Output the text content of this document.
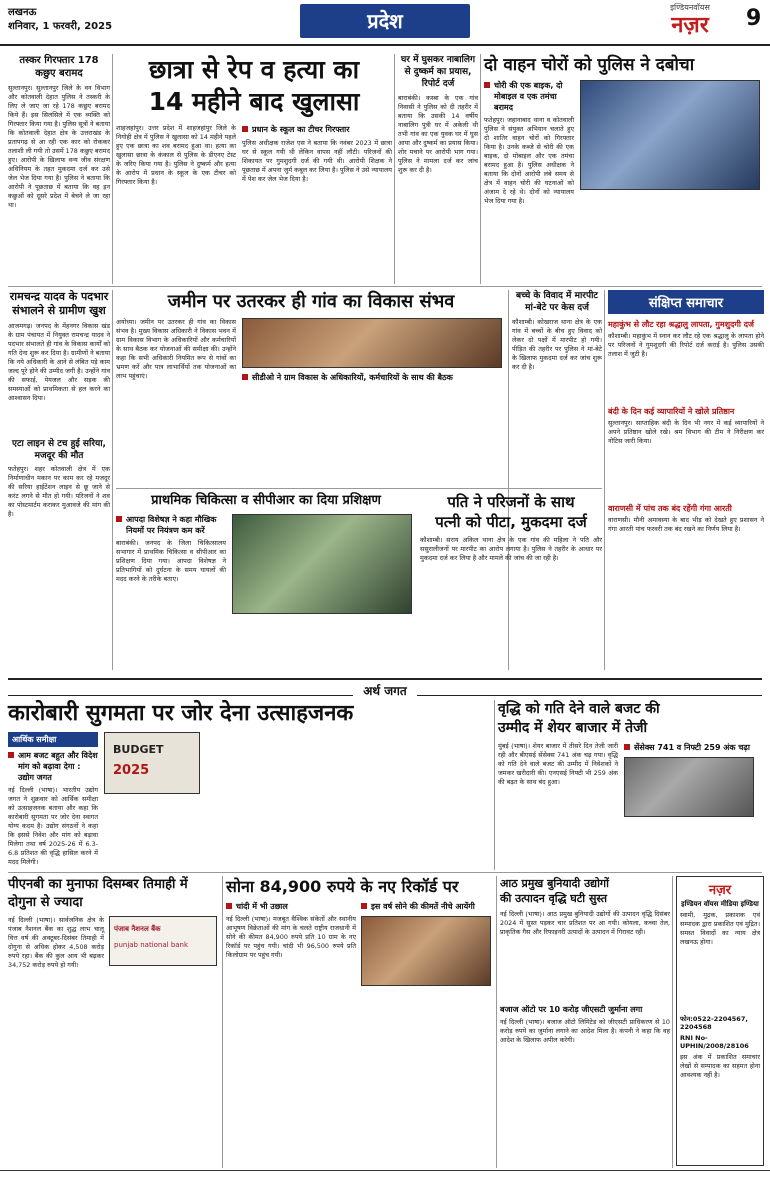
लखनऊ
शनिवार, 1 फरवरी, 2025	प्रदेश
इण्डियनवॉयस
नज़र	9
तस्कर गिरफ्तार 178 कछुए बरामद
सुल्तानपुर। सुल्तानपुर जिले के वन विभाग और कोतवाली देहात पुलिस ने तस्करी के लिए ले जाए जा रहे 178 कछुए बरामद किये हैं। इस सिलसिले में एक व्यक्ति को गिरफ्तार किया गया है। पुलिस सूत्रों ने बताया कि कोतवाली देहात क्षेत्र के उत्तराखंड के प्रतापगढ़ से आ रही एक कार को रोककर तलाशी ली गयी तो उसमें 178 कछुए बरामद हुए। आरोपी के खिलाफ वन्य जीव संरक्षण अधिनियम के तहत मुकदमा दर्ज कर उसे जेल भेज दिया गया है। पुलिस ने बताया कि आरोपी ने पूछताछ में बताया कि वह इन कछुओं को दूसरे प्रदेश में बेचने ले जा रहा था।
छात्रा से रेप व हत्या का
14 महीने बाद खुलासा
शाहजहांपुर। उत्तर प्रदेश में शाहजहांपुर जिले के निगोही क्षेत्र में पुलिस ने खुलासा को 14 महीने पहले हुए एक छात्रा का शव बरामद हुआ था। हत्या का खुलासा छात्रा के कंकाल से पुलिस के डीएनए टेस्ट के जरिए किया गया है। पुलिस ने दुष्कर्म और हत्या के आरोप में प्रधान के स्कूल के एक टीचर को गिरफ्तार किया है।
प्रधान के स्कूल का टीचर गिरफ्तार
पुलिस अधीक्षक राजेश एस ने बताया कि नवंबर 2023 में छात्रा घर से स्कूल गयी थी लेकिन वापस नहीं लौटी। परिजनों की शिकायत पर गुमशुदगी दर्ज की गयी थी। आरोपी शिक्षक ने पूछताछ में अपना जुर्म कबूल कर लिया है। पुलिस ने उसे न्यायालय में पेश कर जेल भेज दिया है।
घर में घुसकर नाबालिग से दुष्कर्म का प्रयास, रिपोर्ट दर्ज
बाराबंकी। कस्बा के एक गांव निवासी ने पुलिस को दी तहरीर में बताया कि उसकी 14 वर्षीय नाबालिग पुत्री घर में अकेली थी तभी गांव का एक युवक घर में घुस आया और दुष्कर्म का प्रयास किया। शोर मचाने पर आरोपी भाग गया। पुलिस ने मामला दर्ज कर जांच शुरू कर दी है।
दो वाहन चोरों को पुलिस ने दबोचा
चोरी की एक बाइक, दो मोबाइल व एक तमंचा बरामद
फतेहपुर। जहानाबाद थाना व कोतवाली पुलिस ने संयुक्त अभियान चलाते हुए दो शातिर वाहन चोरों को गिरफ्तार किया है। उनके कब्जे से चोरी की एक बाइक, दो मोबाइल और एक तमंचा बरामद हुआ है। पुलिस अधीक्षक ने बताया कि दोनों आरोपी लंबे समय से क्षेत्र में वाहन चोरी की घटनाओं को अंजाम दे रहे थे। दोनों को न्यायालय भेज दिया गया है।
रामचन्द्र यादव के पदभार संभालने से ग्रामीण खुश
आजमगढ़। जनपद के मेंहनगर विकास खंड के ग्राम पंचायत में नियुक्त रामचन्द्र यादव ने पदभार संभालते ही गांव के विकास कार्यों को गति देना शुरू कर दिया है। ग्रामीणों ने बताया कि नये अधिकारी के आने से लंबित पड़े काम जल्द पूरे होने की उम्मीद जगी है। उन्होंने गांव की सफाई, पेयजल और सड़क की समस्याओं को प्राथमिकता से हल करने का आश्वासन दिया।
एटा लाइन से टच हुई सरिया, मजदूर की मौत
फतेहपुर। शहर कोतवाली क्षेत्र में एक निर्माणाधीन मकान पर काम कर रहे मजदूर की सरिया हाईटेंशन लाइन से छू जाने से करंट लगने से मौत हो गयी। परिजनों ने शव का पोस्टमार्टम कराकर मुआवजे की मांग की है।
जमीन पर उतरकर ही गांव का विकास संभव
अयोध्या। जमीन पर उतरकर ही गांव का विकास संभव है। मुख्य विकास अधिकारी ने विकास भवन में ग्राम विकास विभाग के अधिकारियों और कर्मचारियों के साथ बैठक कर योजनाओं की समीक्षा की। उन्होंने कहा कि सभी अधिकारी नियमित रूप से गांवों का भ्रमण करें और पात्र लाभार्थियों तक योजनाओं का लाभ पहुंचाएं।	सीडीओ ने ग्राम विकास के अधिकारियों, कर्मचारियों के साथ की बैठक
बच्चे के विवाद में मारपीट मां-बेटे पर केस दर्ज
कौशाम्बी। कोखराज थाना क्षेत्र के एक गांव में बच्चों के बीच हुए विवाद को लेकर दो पक्षों में मारपीट हो गयी। पीड़ित की तहरीर पर पुलिस ने मां-बेटे के खिलाफ मुकदमा दर्ज कर जांच शुरू कर दी है।
संक्षिप्त समाचार
महाकुंभ से लौट रहा श्रद्धालु लापता, गुमशुदगी दर्ज
कौशाम्बी। महाकुंभ में स्नान कर लौट रहे एक श्रद्धालु के लापता होने पर परिजनों ने गुमशुदगी की रिपोर्ट दर्ज कराई है। पुलिस उसकी तलाश में जुटी है।
बंदी के दिन कई व्यापारियों ने खोले प्रतिष्ठान
सुल्तानपुर। साप्ताहिक बंदी के दिन भी नगर में कई व्यापारियों ने अपने प्रतिष्ठान खोले रखे। श्रम विभाग की टीम ने निरीक्षण कर नोटिस जारी किया।
वाराणसी में पांच तक बंद रहेंगी गंगा आरती
वाराणसी। मौनी अमावस्या के बाद भीड़ को देखते हुए प्रशासन ने गंगा आरती पांच फरवरी तक बंद रखने का निर्णय लिया है।
प्राथमिक चिकित्सा व सीपीआर का दिया प्रशिक्षण
आपदा विशेषज्ञ ने कहा मौखिक नियमों पर नियंत्रण कम करें
बाराबंकी। जनपद के जिला चिकित्सालय सभागार में प्राथमिक चिकित्सा व सीपीआर का प्रशिक्षण दिया गया। आपदा विशेषज्ञ ने प्रतिभागियों को दुर्घटना के समय घायलों की मदद करने के तरीके बताए।
पति ने परिजनों के साथ
पत्नी को पीटा, मुकदमा दर्ज
कौशाम्बी। सराय अकिल थाना क्षेत्र के एक गांव की महिला ने पति और ससुरालीजनों पर मारपीट का आरोप लगाया है। पुलिस ने तहरीर के आधार पर मुकदमा दर्ज कर लिया है और मामले की जांच की जा रही है।
अर्थ जगत
कारोबारी सुगमता पर जोर देना उत्साहजनक
आर्थिक समीक्षा
आम बजट बहुत और विदेश मांग को बढ़ावा देगा : उद्योग जगत
नई दिल्ली (भाषा)। भारतीय उद्योग जगत ने शुक्रवार को आर्थिक समीक्षा को उत्साहजनक बताया और कहा कि कारोबारी सुगमता पर जोर देना स्वागत योग्य कदम है। उद्योग संगठनों ने कहा कि इससे निवेश और मांग को बढ़ावा मिलेगा तथा वर्ष 2025-26 में 6.3-6.8 प्रतिशत की वृद्धि हासिल करने में मदद मिलेगी।
BUDGET
2025
वृद्धि को गति देने वाले बजट की
उम्मीद में शेयर बाजार में तेजी
मुंबई (भाषा)। शेयर बाजार में तीसरे दिन तेजी जारी रही और बीएसई सेंसेक्स 741 अंक चढ़ गया। वृद्धि को गति देने वाले बजट की उम्मीद में निवेशकों ने जमकर खरीदारी की। एनएसई निफ्टी भी 259 अंक की बढ़त के साथ बंद हुआ।
सेंसेक्स 741 व निफ्टी 259 अंक चढ़ा
पीएनबी का मुनाफा दिसम्बर तिमाही में दोगुना से ज्यादा
नई दिल्ली (भाषा)। सार्वजनिक क्षेत्र के पंजाब नैशनल बैंक का शुद्ध लाभ चालू वित्त वर्ष की अक्टूबर-दिसंबर तिमाही में दोगुना से अधिक होकर 4,508 करोड़ रुपये रहा। बैंक की कुल आय भी बढ़कर 34,752 करोड़ रुपये हो गयी।
पंजाब नैशनल बैंक
punjab national bank
सोना 84,900 रुपये के नए रिकॉर्ड पर
चांदी में भी उछाल
नई दिल्ली (भाषा)। मजबूत वैश्विक संकेतों और स्थानीय आभूषण विक्रेताओं की मांग के चलते राष्ट्रीय राजधानी में सोने की कीमत 84,900 रुपये प्रति 10 ग्राम के नए रिकॉर्ड पर पहुंच गयी। चांदी भी 96,500 रुपये प्रति किलोग्राम पर पहुंच गयी।
इस वर्ष सोने की कीमतें नीचे आयेंगी
आठ प्रमुख बुनियादी उद्योगों
की उत्पादन वृद्धि घटी सुस्त
नई दिल्ली (भाषा)। आठ प्रमुख बुनियादी उद्योगों की उत्पादन वृद्धि दिसंबर 2024 में सुस्त पड़कर चार प्रतिशत पर आ गयी। कोयला, कच्चा तेल, प्राकृतिक गैस और रिफाइनरी उत्पादों के उत्पादन में गिरावट रही।
बजाज ऑटो पर 10 करोड़ जीएसटी जुर्माना लगा
नई दिल्ली (भाषा)। बजाज ऑटो लिमिटेड को जीएसटी प्राधिकरण से 10 करोड़ रुपये का जुर्माना लगाने का आदेश मिला है। कंपनी ने कहा कि वह आदेश के खिलाफ अपील करेगी।
नज़र
इण्डियन वॉयस मीडिया इण्डिया
स्वामी, मुद्रक, प्रकाशक एवं सम्पादक द्वारा प्रकाशित एवं मुद्रित। समस्त विवादों का न्याय क्षेत्र लखनऊ होगा।
फोन:0522-2204567, 2204568
RNI No- UPHIN/2008/28106
इस अंक में प्रकाशित समाचार लेखों से सम्पादक का सहमत होना आवश्यक नहीं है।
